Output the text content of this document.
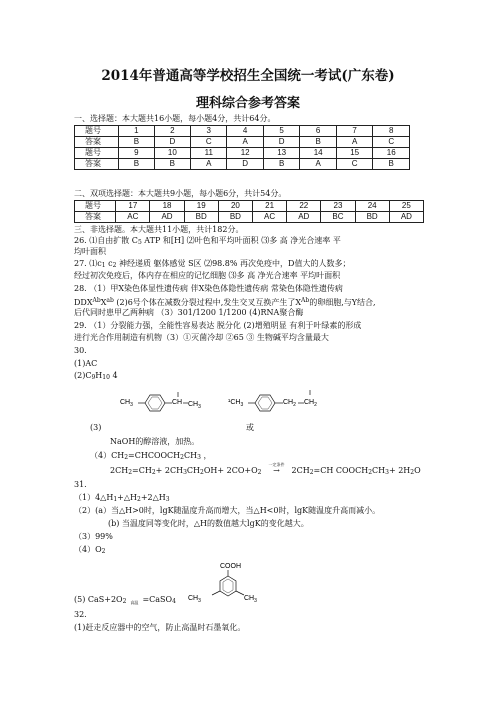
2014年普通高等学校招生全国统一考试(广东卷)
理科综合参考答案
一、选择题：本大题共16小题，每小题4分，共计64分。
题号	1	2	3	4	5	6	7	8
答案	B	D	C	A	D	B	A	C
题号	9	10	11	12	13	14	15	16
答案	B	B	A	D	B	A	C	B
二、双项选择题：本大题共9小题，每小题6分，共计54分。
题号	17	18	19	20	21	22	23	24	25
答案	AC	AD	BD	BD	AC	AD	BC	BD	AD
三、非选择题。本大题共11小题，共计182分。
26. ⑴自由扩散 C5 ATP 和[H] ⑵叶色和平均叶面积 ⑶多 高 净光合速率 平
均叶面积
27. ⑴c1 c2 神经递质 躯体感觉 S区 ⑵98.8% 再次免疫中，D值大的人数多；
经过初次免疫后，体内存在相应的记忆细胞 ⑶多 高 净光合速率 平均叶面积
28. （1）甲X染色体显性遗传病 伴X染色体隐性遗传病 常染色体隐性遗传病
$DDX^{Ab}X^{ab}$ (2)6号个体在减数分裂过程中,发生交叉互换产生了$X^{Ab}$的卵细胞,与Y结合,
后代同时患甲乙两种病 （3）301/1200 1/1200 (4)RNA聚合酶
29. （1）分裂能力强，全能性容易表达 脱分化 (2)增殖明显 有利于叶绿素的形成
进行光合作用制造有机物（3）①灭菌冷却 ②65 ③ 生物碱平均含量最大
30.
(1)AC
(2)C9H10 4
$CH_3$	CH $CH_3$
$^1CH_3$	$CH_2$ $CH_2$
(3)	或
NaOH的醇溶液，加热。
（4）CH2=CHCOOCH2CH3 ，
2CH2=CH2+ 2CH3CH2OH+ 2CO+O2
一定条件
→ 2CH2=CH COOCH2CH3+ 2H2O
31.
（1）4△H1+△H2+2△H3
（2）(a）当△H>0时，lgK随温度升高而增大，当△H<0时，lgK随温度升高而减小。
(b) 当温度同等变化时，△H的数值越大lgK的变化越大。
（3）99%
（4）O2
COOH
$CH_3$	$CH_3$
(5) CaS+2O2	高温 =CaSO4
32.
(1)赶走反应器中的空气，防止高温时石墨氧化。
